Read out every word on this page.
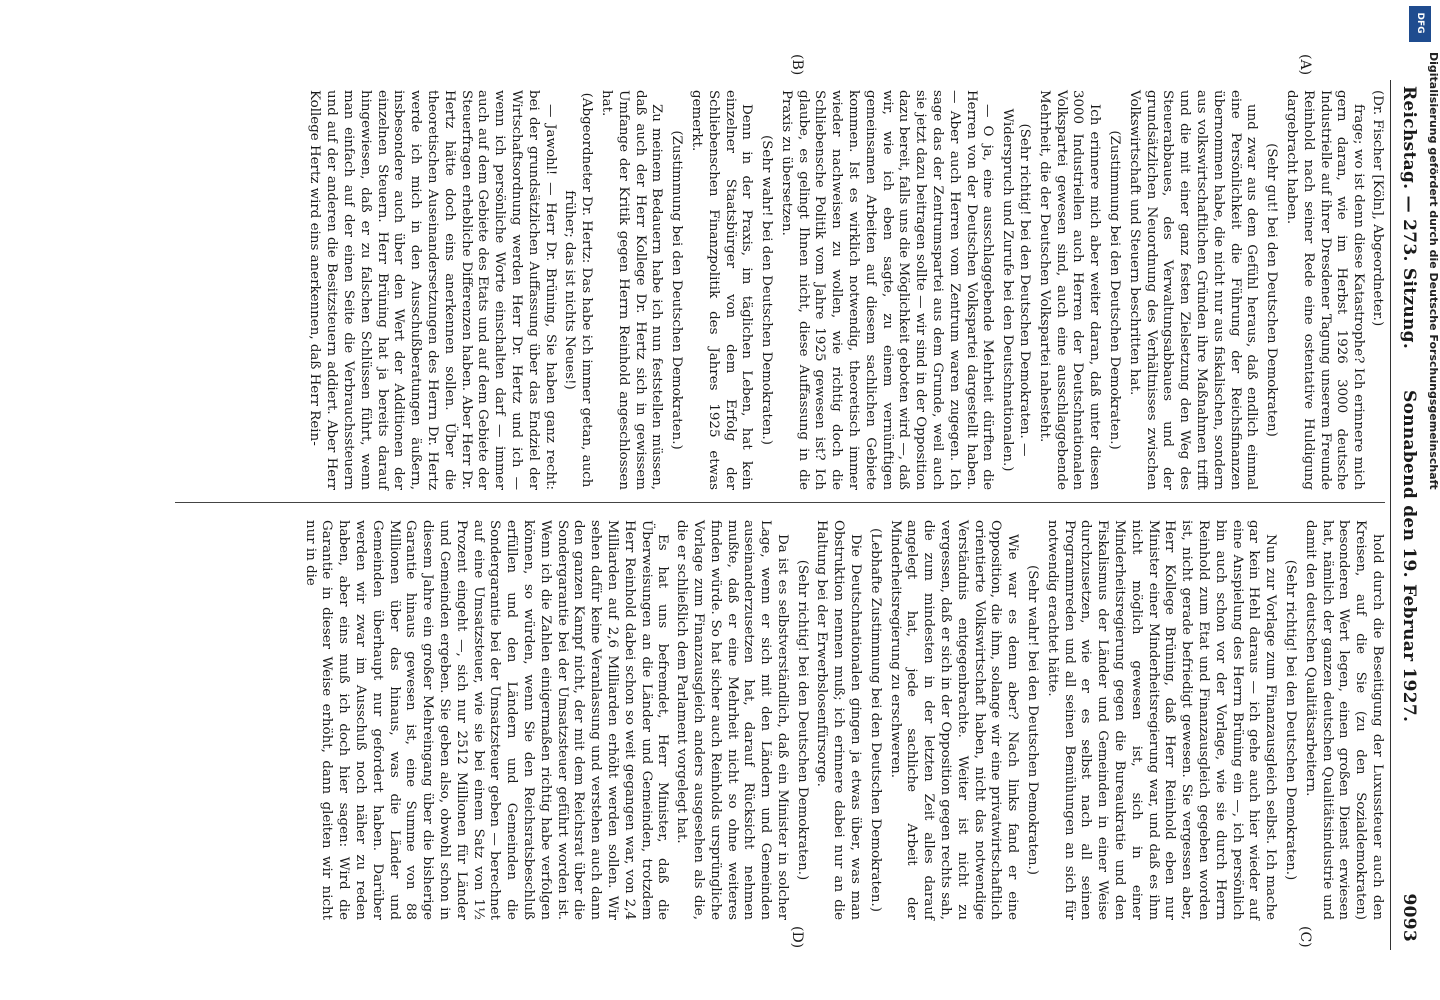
Reichstag. — 273. Sitzung.
Sonnabend den 19. Februar 1927.
9093
(A)
(B)
(C)
(D)

(Dr. Fischer [Köln], Abgeordneter.)

frage; wo ist denn diese Katastrophe? Ich erinnere mich gern daran, wie im Herbst 1926 3000 deutsche Industrielle auf ihrer Dresdener Tagung unserem Freunde Reinhold nach seiner Rede eine ostentative Huldigung dargebracht haben.

(Sehr gut! bei den Deutschen Demokraten)

und zwar aus dem Gefühl heraus, daß endlich einmal eine Persönlichkeit die Führung der Reichsfinanzen übernommen habe, die nicht nur aus fiskalischen, sondern aus volkswirtschaftlichen Gründen ihre Maßnahmen trifft und die mit einer ganz festen Zielsetzung den Weg des Steuerabbaues, des Verwaltungsabbaues und der grundsätzlichen Neuordnung des Verhältnisses zwischen Volkswirtschaft und Steuern beschritten hat.

(Zustimmung bei den Deutschen Demokraten.)

Ich erinnere mich aber weiter daran, daß unter diesen 3000 Industriellen auch Herren der Deutschnationalen Volkspartei gewesen sind, auch eine ausschlaggebende Mehrheit, die der Deutschen Volkspartei nahesteht.

(Sehr richtig! bei den Deutschen Demokraten. — Widerspruch und Zurufe bei den Deutschnationalen.)

— O ja, eine ausschlaggebende Mehrheit dürften die Herren von der Deutschen Volkspartei dargestellt haben. — Aber auch Herren vom Zentrum waren zugegen. Ich sage das der Zentrumspartei aus dem Grunde, weil auch sie jetzt dazu beitragen sollte — wir sind in der Opposition dazu bereit, falls uns die Möglichkeit geboten wird —, daß wir, wie ich eben sagte, zu einem vernünftigen gemeinsamen Arbeiten auf diesem sachlichen Gebiete kommen. Ist es wirklich notwendig, theoretisch immer wieder nachweisen zu wollen, wie richtig doch die Schliebensche Politik vom Jahre 1925 gewesen ist? Ich glaube, es gelingt Ihnen nicht, diese Auffassung in die Praxis zu übersetzen.

(Sehr wahr! bei den Deutschen Demokraten.)

Denn in der Praxis, im täglichen Leben, hat kein einzelner Staatsbürger von dem Erfolg der Schliebenschen Finanzpolitik des Jahres 1925 etwas gemerkt.

(Zustimmung bei den Deutschen Demokraten.)

Zu meinem Bedauern habe ich nun feststellen müssen, daß auch der Herr Kollege Dr. Hertz sich in gewissem Umfange der Kritik gegen Herrn Reinhold angeschlossen hat.

(Abgeordneter Dr. Hertz: Das habe ich immer getan, auch früher; das ist nichts Neues!)

— Jawohl! — Herr Dr. Brüning, Sie haben ganz recht: bei der grundsätzlichen Auffassung über das Endziel der Wirtschaftsordnung werden Herr Dr. Hertz und ich — wenn ich persönliche Worte einschalten darf — immer auch auf dem Gebiete des Etats und auf dem Gebiete der Steuerfragen erhebliche Differenzen haben. Aber Herr Dr. Hertz hätte doch eins anerkennen sollen. Über die theoretischen Auseinandersetzungen des Herrn Dr. Hertz werde ich mich in den Ausschußberatungen äußern, insbesondere auch über den Wert der Additionen der einzelnen Steuern. Herr Brüning hat ja bereits darauf hingewiesen, daß er zu falschen Schlüssen führt, wenn man einfach auf der einen Seite die Verbrauchssteuern und auf der anderen die Besitzsteuern addiert. Aber Herr Kollege Hertz wird eins anerkennen, daß Herr Rein-

hold durch die Beseitigung der Luxussteuer auch den Kreisen, auf die Sie (zu den Sozialdemokraten) besonderen Wert legen, einen großen Dienst erwiesen hat, nämlich der ganzen deutschen Qualitätsindustrie und damit den deutschen Qualitätsarbeitern.

(Sehr richtig! bei den Deutschen Demokraten.)

Nun zur Vorlage zum Finanzausgleich selbst. Ich mache gar kein Hehl daraus — ich gehe auch hier wieder auf eine Anspielung des Herrn Brüning ein —, ich persönlich bin auch schon vor der Vorlage, wie sie durch Herrn Reinhold zum Etat und Finanzausgleich gegeben worden ist, nicht gerade befriedigt gewesen. Sie vergessen aber, Herr Kollege Brüning, daß Herr Reinhold eben nur Minister einer Minderheitsregierung war, und daß es ihm nicht möglich gewesen ist, sich in einer Minderheitsregierung gegen die Bureaukratie und den Fiskalismus der Länder und Gemeinden in einer Weise durchzusetzen, wie er es selbst nach all seinen Programmreden und all seinen Bemühungen an sich für notwendig erachtet hätte.

(Sehr wahr! bei den Deutschen Demokraten.)

Wie war es denn aber? Nach links fand er eine Opposition, die ihm, solange wir eine privatwirtschaftlich orientierte Volkswirtschaft haben, nicht das notwendige Verständnis entgegenbrachte. Weiter ist nicht zu vergessen, daß er sich in der Opposition gegen rechts sah, die zum mindesten in der letzten Zeit alles darauf angelegt hat, jede sachliche Arbeit der Minderheitsregierung zu erschweren.

(Lebhafte Zustimmung bei den Deutschen Demokraten.)

Die Deutschnationalen gingen ja etwas über, was man Obstruktion nennen muß; ich erinnere dabei nur an die Haltung bei der Erwerbslosenfürsorge.

(Sehr richtig! bei den Deutschen Demokraten.)

Da ist es selbstverständlich, daß ein Minister in solcher Lage, wenn er sich mit den Ländern und Gemeinden auseinanderzusetzen hat, darauf Rücksicht nehmen mußte, daß er eine Mehrheit nicht so ohne weiteres finden würde. So hat sicher auch Reinholds ursprüngliche Vorlage zum Finanzausgleich anders ausgesehen als die, die er schließlich dem Parlament vorgelegt hat.

Es hat uns befremdet, Herr Minister, daß die Überweisungen an die Länder und Gemeinden, trotzdem Herr Reinhold dabei schon so weit gegangen war, von 2,4 Milliarden auf 2,6 Milliarden erhöht werden sollen. Wir sehen dafür keine Veranlassung und verstehen auch dann den ganzen Kampf nicht, der mit dem Reichsrat über die Sondergarantie bei der Umsatzsteuer geführt worden ist. Wenn ich die Zahlen einigermaßen richtig habe verfolgen können, so würden, wenn Sie den Reichsratsbeschluß erfüllen und den Ländern und Gemeinden die Sondergarantie bei der Umsatzsteuer geben — berechnet auf eine Umsatzsteuer, wie sie bei einem Satz von 1½ Prozent eingeht —, sich nur 2512 Millionen für Länder und Gemeinden ergeben. Sie geben also, obwohl schon in diesem Jahre ein großer Mehreingang über die bisherige Garantie hinaus gewesen ist, eine Summe von 88 Millionen über das hinaus, was die Länder und Gemeinden überhaupt nur gefordert haben. Darüber werden wir zwar im Ausschuß noch näher zu reden haben, aber eins muß ich doch hier sagen: Wird die Garantie in dieser Weise erhöht, dann gleiten wir nicht nur in die

DFG
Digitalisierung gefördert durch die Deutsche Forschungsgemeinschaft
